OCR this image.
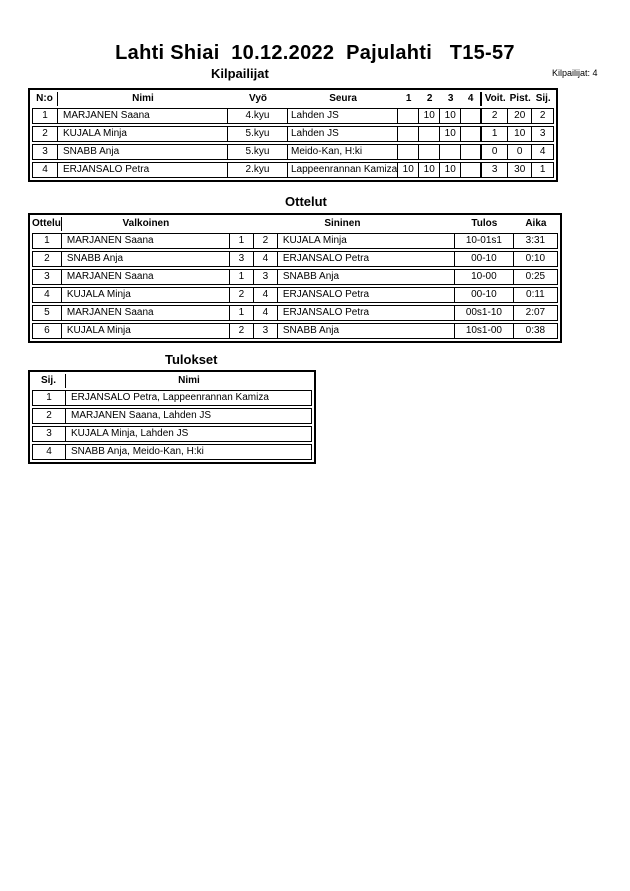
Lahti Shiai  10.12.2022  Pajulahti   T15-57
Kilpailijat	Kilpailijat: 4
N:o	Nimi	Vyö	Seura	1	2	3	4	Voit.	Pist.	Sij.
1	MARJANEN Saana	4.kyu	Lahden JS		10	10		2	20	2
2	KUJALA Minja	5.kyu	Lahden JS			10		1	10	3
3	SNABB Anja	5.kyu	Meido-Kan, H:ki					0	0	4
4	ERJANSALO Petra	2.kyu	Lappeenrannan Kamiza	10	10	10		3	30	1
Ottelut
Ottelu	Valkoinen	Sininen			Tulos	Aika
1	MARJANEN Saana	1	2	KUJALA Minja	10-01s1	3:31
2	SNABB Anja	3	4	ERJANSALO Petra	00-10	0:10
3	MARJANEN Saana	1	3	SNABB Anja	10-00	0:25
4	KUJALA Minja	2	4	ERJANSALO Petra	00-10	0:11
5	MARJANEN Saana	1	4	ERJANSALO Petra	00s1-10	2:07
6	KUJALA Minja	2	3	SNABB Anja	10s1-00	0:38
Tulokset
Sij.	Nimi
1	ERJANSALO Petra, Lappeenrannan Kamiza
2	MARJANEN Saana, Lahden JS
3	KUJALA Minja, Lahden JS
4	SNABB Anja, Meido-Kan, H:ki
